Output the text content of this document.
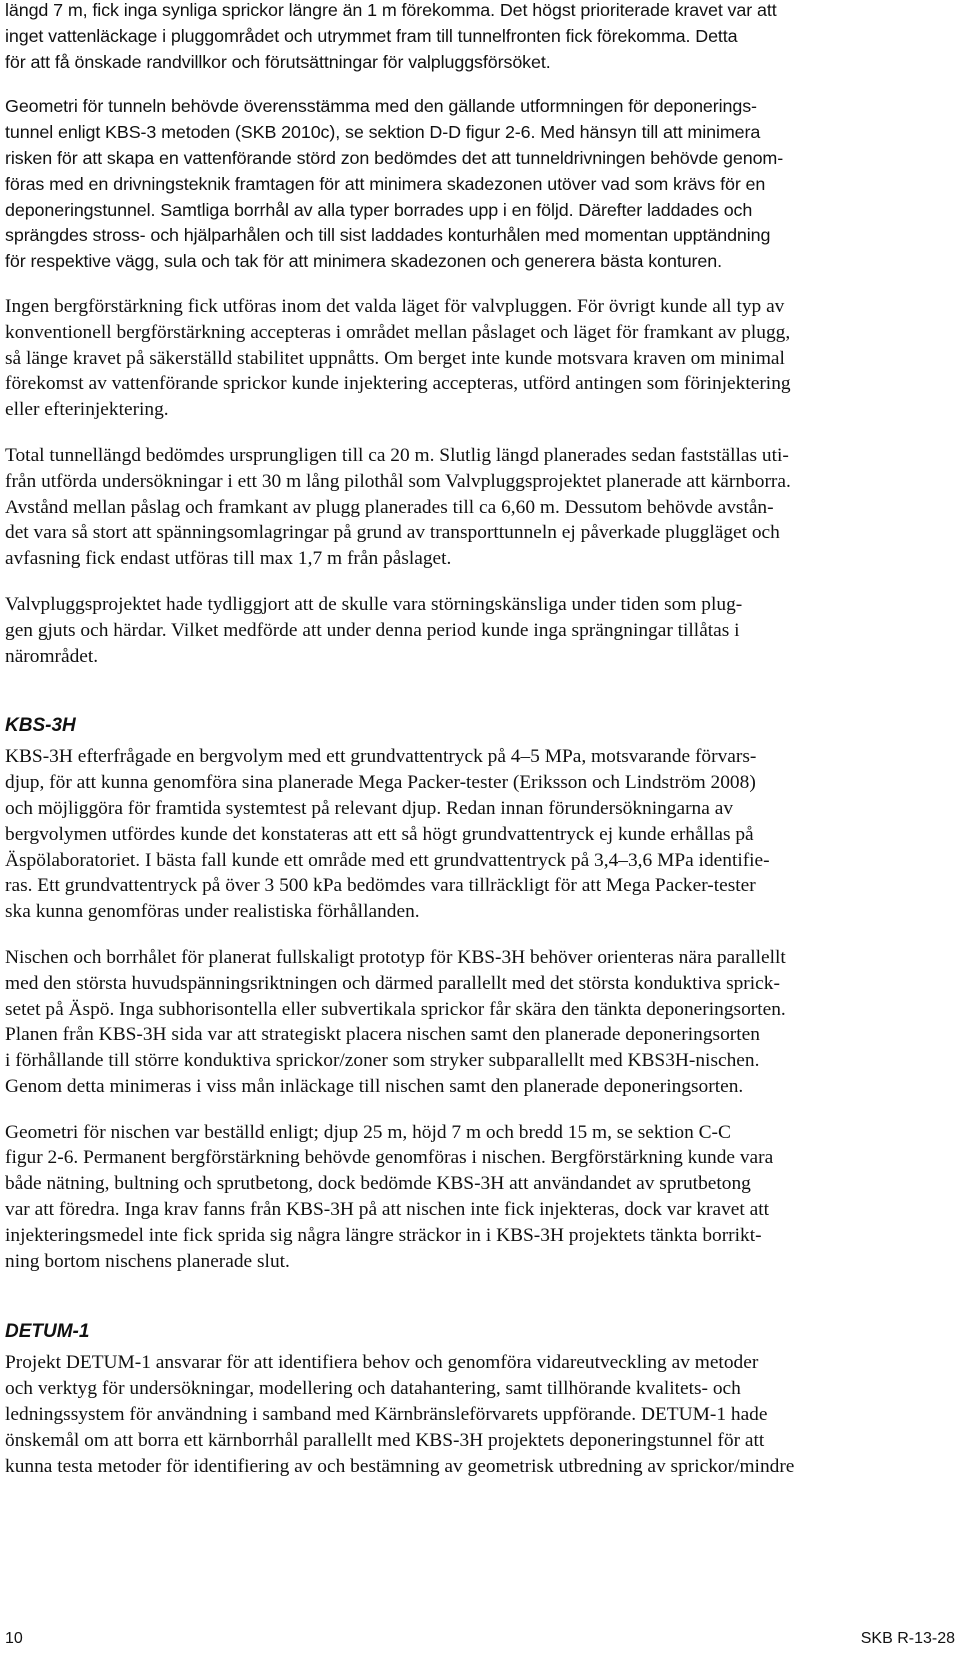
längd 7 m, fick inga synliga sprickor längre än 1 m förekomma. Det högst prioriterade kravet var att
inget vattenläckage i pluggområdet och utrymmet fram till tunnelfronten fick förekomma. Detta
för att få önskade randvillkor och förutsättningar för valpluggsförsöket.

Geometri för tunneln behövde överensstämma med den gällande utformningen för deponerings-
tunnel enligt KBS-3 metoden (SKB 2010c), se sektion D-D figur 2-6. Med hänsyn till att minimera
risken för att skapa en vattenförande störd zon bedömdes det att tunneldrivningen behövde genom-
föras med en drivningsteknik framtagen för att minimera skadezonen utöver vad som krävs för en
deponeringstunnel. Samtliga borrhål av alla typer borrades upp i en följd. Därefter laddades och
sprängdes stross- och hjälparhålen och till sist laddades konturhålen med momentan upptändning
för respektive vägg, sula och tak för att minimera skadezonen och generera bästa konturen.

Ingen bergförstärkning fick utföras inom det valda läget för valvpluggen. För övrigt kunde all typ av
konventionell bergförstärkning accepteras i området mellan påslaget och läget för framkant av plugg,
så länge kravet på säkerställd stabilitet uppnåtts. Om berget inte kunde motsvara kraven om minimal
förekomst av vattenförande sprickor kunde injektering accepteras, utförd antingen som förinjektering
eller efterinjektering.

Total tunnellängd bedömdes ursprungligen till ca 20 m. Slutlig längd planerades sedan fastställas uti-
från utförda undersökningar i ett 30 m lång pilothål som Valvpluggsprojektet planerade att kärnborra.
Avstånd mellan påslag och framkant av plugg planerades till ca 6,60 m. Dessutom behövde avstån-
det vara så stort att spänningsomlagringar på grund av transporttunneln ej påverkade pluggläget och
avfasning fick endast utföras till max 1,7 m från påslaget.

Valvpluggsprojektet hade tydliggjort att de skulle vara störningskänsliga under tiden som plug-
gen gjuts och härdar. Vilket medförde att under denna period kunde inga sprängningar tillåtas i
närområdet.

KBS-3H

KBS-3H efterfrågade en bergvolym med ett grundvattentryck på 4–5 MPa, motsvarande förvars-
djup, för att kunna genomföra sina planerade Mega Packer-tester (Eriksson och Lindström 2008)
och möjliggöra för framtida systemtest på relevant djup. Redan innan förundersökningarna av
bergvolymen utfördes kunde det konstateras att ett så högt grundvattentryck ej kunde erhållas på
Äspölaboratoriet. I bästa fall kunde ett område med ett grundvattentryck på 3,4–3,6 MPa identifie-
ras. Ett grundvattentryck på över 3 500 kPa bedömdes vara tillräckligt för att Mega Packer-tester
ska kunna genomföras under realistiska förhållanden.

Nischen och borrhålet för planerat fullskaligt prototyp för KBS-3H behöver orienteras nära parallellt
med den största huvudspänningsriktningen och därmed parallellt med det största konduktiva sprick-
setet på Äspö. Inga subhorisontella eller subvertikala sprickor får skära den tänkta deponeringsorten.
Planen från KBS-3H sida var att strategiskt placera nischen samt den planerade deponeringsorten
i förhållande till större konduktiva sprickor/zoner som stryker subparallellt med KBS3H-nischen.
Genom detta minimeras i viss mån inläckage till nischen samt den planerade deponeringsorten.

Geometri för nischen var beställd enligt; djup 25 m, höjd 7 m och bredd 15 m, se sektion C-C
figur 2-6. Permanent bergförstärkning behövde genomföras i nischen. Bergförstärkning kunde vara
både nätning, bultning och sprutbetong, dock bedömde KBS-3H att användandet av sprutbetong
var att föredra. Inga krav fanns från KBS-3H på att nischen inte fick injekteras, dock var kravet att
injekteringsmedel inte fick sprida sig några längre sträckor in i KBS-3H projektets tänkta borrikt-
ning bortom nischens planerade slut.

DETUM-1

Projekt DETUM-1 ansvarar för att identifiera behov och genomföra vidareutveckling av metoder
och verktyg för undersökningar, modellering och datahantering, samt tillhörande kvalitets- och
ledningssystem för användning i samband med Kärnbränsleförvarets uppförande. DETUM-1 hade
önskemål om att borra ett kärnborrhål parallellt med KBS-3H projektets deponeringstunnel för att
kunna testa metoder för identifiering av och bestämning av geometrisk utbredning av sprickor/mindre

10	SKB R-13-28
